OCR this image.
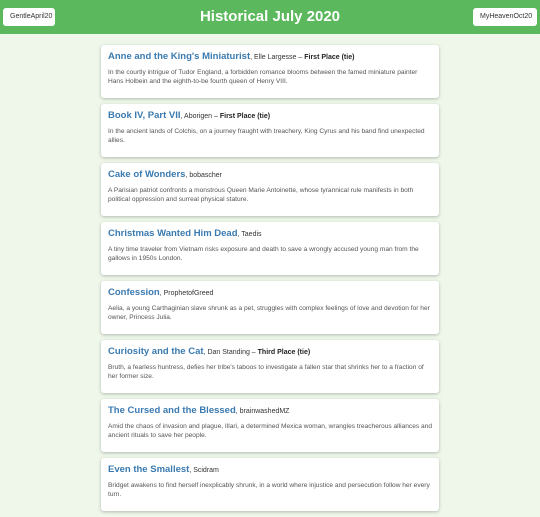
GentleApril20	Historical July 2020	MyHeavenOct20
Anne and the King's Miniaturist, Elle Largesse – First Place (tie)
In the courtly intrigue of Tudor England, a forbidden romance blooms between the famed miniature painter Hans Holbein and the eighth-to-be fourth queen of Henry VIII.
Book IV, Part VII, Aborigen – First Place (tie)
In the ancient lands of Colchis, on a journey fraught with treachery, King Cyrus and his band find unexpected allies.
Cake of Wonders, bobascher
A Parisian patriot confronts a monstrous Queen Marie Antoinette, whose tyrannical rule manifests in both political oppression and surreal physical stature.
Christmas Wanted Him Dead, Taedis
A tiny time traveler from Vietnam risks exposure and death to save a wrongly accused young man from the gallows in 1950s London.
Confession, ProphetofGreed
Aelia, a young Carthaginian slave shrunk as a pet, struggles with complex feelings of love and devotion for her owner, Princess Julia.
Curiosity and the Cat, Dan Standing – Third Place (tie)
Bruth, a fearless huntress, defies her tribe's taboos to investigate a fallen star that shrinks her to a fraction of her former size.
The Cursed and the Blessed, brainwashedMZ
Amid the chaos of invasion and plague, Illari, a determined Mexica woman, wrangles treacherous alliances and ancient rituals to save her people.
Even the Smallest, Scidram
Bridget awakens to find herself inexplicably shrunk, in a world where injustice and persecution follow her every turn.
